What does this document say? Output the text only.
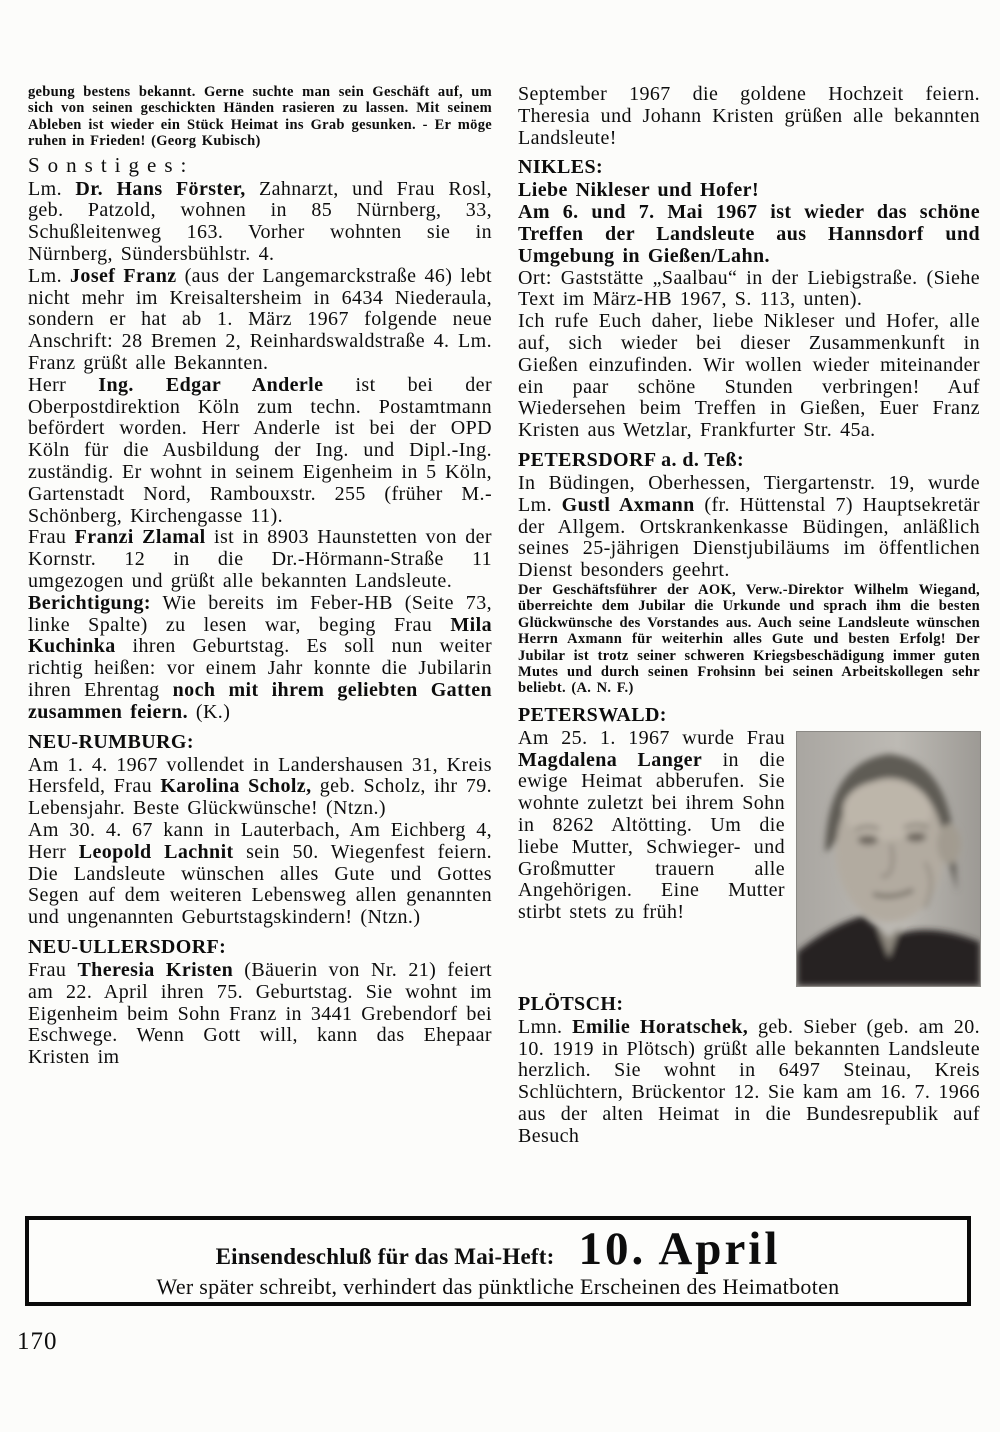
gebung bestens bekannt. Gerne suchte man sein Geschäft auf, um sich von seinen geschickten Händen rasieren zu lassen. Mit seinem Ableben ist wieder ein Stück Heimat ins Grab gesunken. - Er möge ruhen in Frieden! (Georg Kubisch)
Sonstiges:
Lm. Dr. Hans Förster, Zahnarzt, und Frau Rosl, geb. Patzold, wohnen in 85 Nürnberg, 33, Schußleitenweg 163. Vorher wohnten sie in Nürnberg, Sündersbühlstr. 4.
Lm. Josef Franz (aus der Langemarckstraße 46) lebt nicht mehr im Kreisaltersheim in 6434 Niederaula, sondern er hat ab 1. März 1967 folgende neue Anschrift: 28 Bremen 2, Reinhardswaldstraße 4. Lm. Franz grüßt alle Bekannten.
Herr Ing. Edgar Anderle ist bei der Oberpostdirektion Köln zum techn. Postamtmann befördert worden. Herr Anderle ist bei der OPD Köln für die Ausbildung der Ing. und Dipl.-Ing. zuständig. Er wohnt in seinem Eigenheim in 5 Köln, Gartenstadt Nord, Rambouxstr. 255 (früher M.-Schönberg, Kirchengasse 11).
Frau Franzi Zlamal ist in 8903 Haunstetten von der Kornstr. 12 in die Dr.-Hörmann-Straße 11 umgezogen und grüßt alle bekannten Landsleute.
Berichtigung: Wie bereits im Feber-HB (Seite 73, linke Spalte) zu lesen war, beging Frau Mila Kuchinka ihren Geburtstag. Es soll nun weiter richtig heißen: vor einem Jahr konnte die Jubilarin ihren Ehrentag noch mit ihrem geliebten Gatten zusammen feiern. (K.)
NEU-RUMBURG:
Am 1. 4. 1967 vollendet in Landershausen 31, Kreis Hersfeld, Frau Karolina Scholz, geb. Scholz, ihr 79. Lebensjahr. Beste Glückwünsche! (Ntzn.)
Am 30. 4. 67 kann in Lauterbach, Am Eichberg 4, Herr Leopold Lachnit sein 50. Wiegenfest feiern. Die Landsleute wünschen alles Gute und Gottes Segen auf dem weiteren Lebensweg allen genannten und ungenannten Geburtstagskindern! (Ntzn.)
NEU-ULLERSDORF:
Frau Theresia Kristen (Bäuerin von Nr. 21) feiert am 22. April ihren 75. Geburtstag. Sie wohnt im Eigenheim beim Sohn Franz in 3441 Grebendorf bei Eschwege. Wenn Gott will, kann das Ehepaar Kristen im
September 1967 die goldene Hochzeit feiern. Theresia und Johann Kristen grüßen alle bekannten Landsleute!
NIKLES:
Liebe Nikleser und Hofer!
Am 6. und 7. Mai 1967 ist wieder das schöne Treffen der Landsleute aus Hannsdorf und Umgebung in Gießen/Lahn.
Ort: Gaststätte „Saalbau“ in der Liebigstraße. (Siehe Text im März-HB 1967, S. 113, unten).
Ich rufe Euch daher, liebe Nikleser und Hofer, alle auf, sich wieder bei dieser Zusammenkunft in Gießen einzufinden. Wir wollen wieder miteinander ein paar schöne Stunden verbringen! Auf Wiedersehen beim Treffen in Gießen, Euer Franz Kristen aus Wetzlar, Frankfurter Str. 45a.
PETERSDORF a. d. Teß:
In Büdingen, Oberhessen, Tiergartenstr. 19, wurde Lm. Gustl Axmann (fr. Hüttenstal 7) Hauptsekretär der Allgem. Ortskrankenkasse Büdingen, anläßlich seines 25-jährigen Dienstjubiläums im öffentlichen Dienst besonders geehrt.
Der Geschäftsführer der AOK, Verw.-Direktor Wilhelm Wiegand, überreichte dem Jubilar die Urkunde und sprach ihm die besten Glückwünsche des Vorstandes aus. Auch seine Landsleute wünschen Herrn Axmann für weiterhin alles Gute und besten Erfolg! Der Jubilar ist trotz seiner schweren Kriegsbeschädigung immer guten Mutes und durch seinen Frohsinn bei seinen Arbeitskollegen sehr beliebt. (A. N. F.)
PETERSWALD:
Am 25. 1. 1967 wurde Frau Magdalena Langer in die ewige Heimat abberufen. Sie wohnte zuletzt bei ihrem Sohn in 8262 Altötting. Um die liebe Mutter, Schwieger- und Großmutter trauern alle Angehörigen. Eine Mutter stirbt stets zu früh!
PLÖTSCH:
Lmn. Emilie Horatschek, geb. Sieber (geb. am 20. 10. 1919 in Plötsch) grüßt alle bekannten Landsleute herzlich. Sie wohnt in 6497 Steinau, Kreis Schlüchtern, Brückentor 12. Sie kam am 16. 7. 1966 aus der alten Heimat in die Bundesrepublik auf Besuch
Einsendeschluß für das Mai-Heft: 10. April
Wer später schreibt, verhindert das pünktliche Erscheinen des Heimatboten
170
